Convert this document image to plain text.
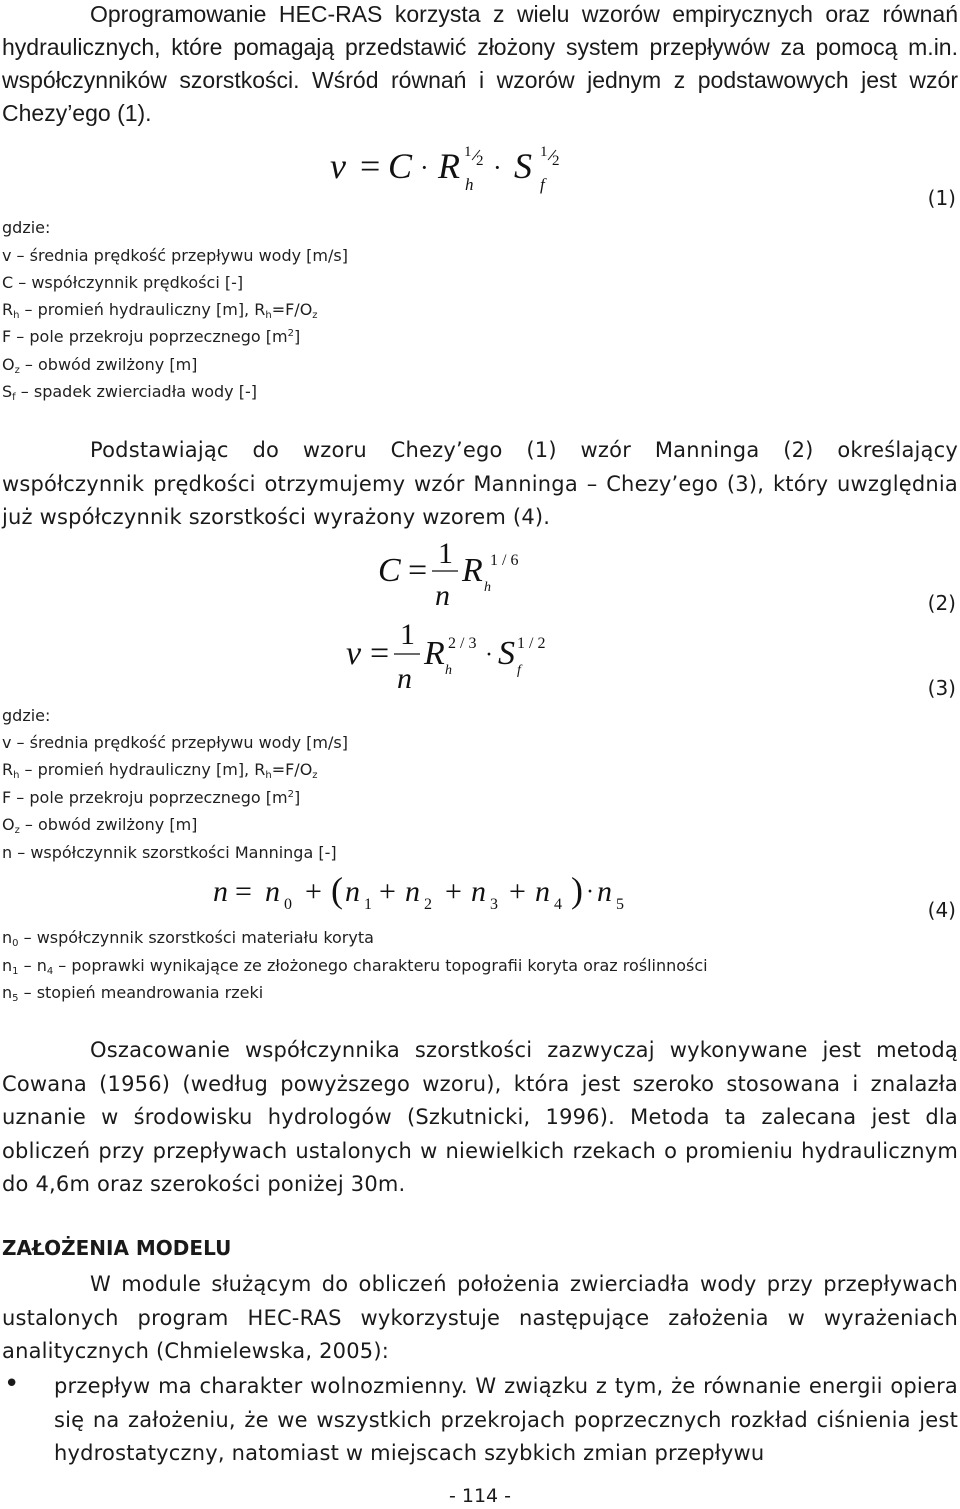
Oprogramowanie HEC-RAS korzysta z wielu wzorów empirycznych oraz równań hydraulicznych, które pomagają przedstawić złożony system przepływów za pomocą m.in. współczynników szorstkości. Wśród równań i wzorów jednym z podstawowych jest wzór Chezy’ego (1).

v = C · R h
1
2 · S f
1
2
(1)
gdzie:
v – średnia prędkość przepływu wody [m/s]
C – współczynnik prędkości [-]
$R_h$ – promień hydrauliczny [m], $R_h=F/O_z$
F – pole przekroju poprzecznego $[m^2]$
$O_z$ – obwód zwilżony [m]
$S_f$ – spadek zwierciadła wody [-]

Podstawiając do wzoru Chezy’ego (1) wzór Manninga (2) określający współczynnik prędkości otrzymujemy wzór Manninga – Chezy’ego (3), który uwzględnia już współczynnik szorstkości wyrażony wzorem (4).

C = 1
n
R h
1 / 6
(2)
v =
1
n
R h
2 / 3 · S f
1 / 2
(3)
gdzie:
v – średnia prędkość przepływu wody [m/s]
$R_h$ – promień hydrauliczny [m], $R_h=F/O_z$
F – pole przekroju poprzecznego $[m^2]$
$O_z$ – obwód zwilżony [m]
n – współczynnik szorstkości Manninga [-]
n = n 0 + ( n 1 + n 2 + n 3 + n 4 ) · n 5	(4)
$n_0$ – współczynnik szorstkości materiału koryta
$n_1 - n_4$ – poprawki wynikające ze złożonego charakteru topografii koryta oraz roślinności
$n_5$ – stopień meandrowania rzeki

Oszacowanie współczynnika szorstkości zazwyczaj wykonywane jest metodą Cowana (1956) (według powyższego wzoru), która jest szeroko stosowana i znalazła uznanie w środowisku hydrologów (Szkutnicki, 1996). Metoda ta zalecana jest dla obliczeń przy przepływach ustalonych w niewielkich rzekach o promieniu hydraulicznym do 4,6m oraz szerokości poniżej 30m.

ZAŁOŻENIA MODELU

W module służącym do obliczeń położenia zwierciadła wody przy przepływach ustalonych program HEC-RAS wykorzystuje następujące założenia w wyrażeniach analitycznych (Chmielewska, 2005):

• przepływ ma charakter wolnozmienny. W związku z tym, że równanie energii opiera się na założeniu, że we wszystkich przekrojach poprzecznych rozkład ciśnienia jest hydrostatyczny, natomiast w miejscach szybkich zmian przepływu

- 114 -
